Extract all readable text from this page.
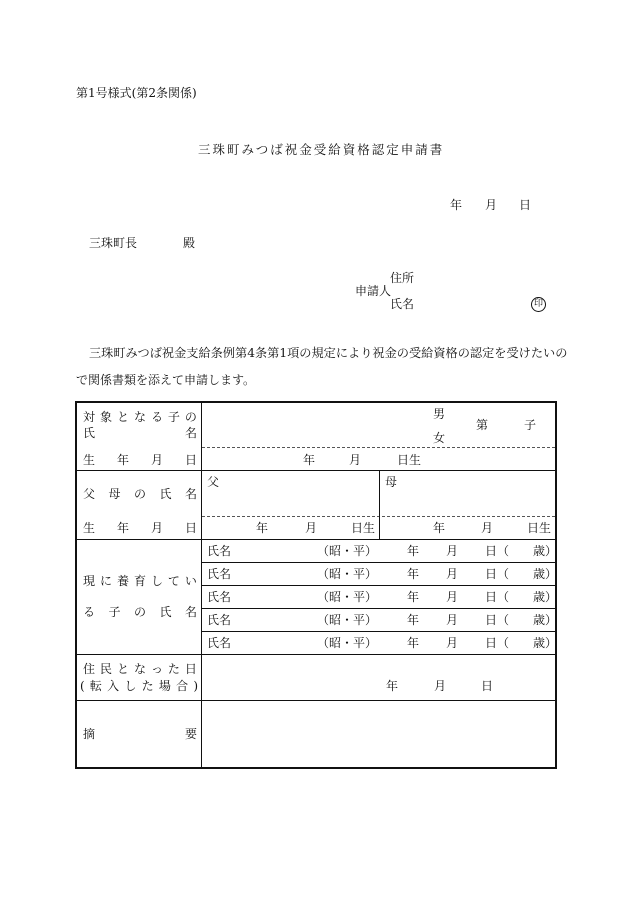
第1号様式(第2条関係)
三珠町みつば祝金受給資格認定申請書
年 月 日
三珠町長	殿
住所
申請人
氏名	印
三珠町みつば祝金支給条例第4条第1項の規定により祝金の受給資格の認定を受けたいの
で関係書類を添えて申請します。
対 象 と な る 子 の
氏	名
男
女
第	子
生 年 月 日	年	月	日生
父 母 の 氏 名
父	母
生 年 月 日	年	月	日生	年	月	日生
現 に 養 育 し て い
る 子 の 氏 名
氏名	（昭・平） 年 月 日（ 歳）
氏名	（昭・平） 年 月 日（ 歳）
氏名	（昭・平） 年 月 日（ 歳）
氏名	（昭・平） 年 月 日（ 歳）
氏名	（昭・平） 年 月 日（ 歳）
住 民 と な っ た 日
( 転 入 し た 場 合 )	年	月	日
摘	要
